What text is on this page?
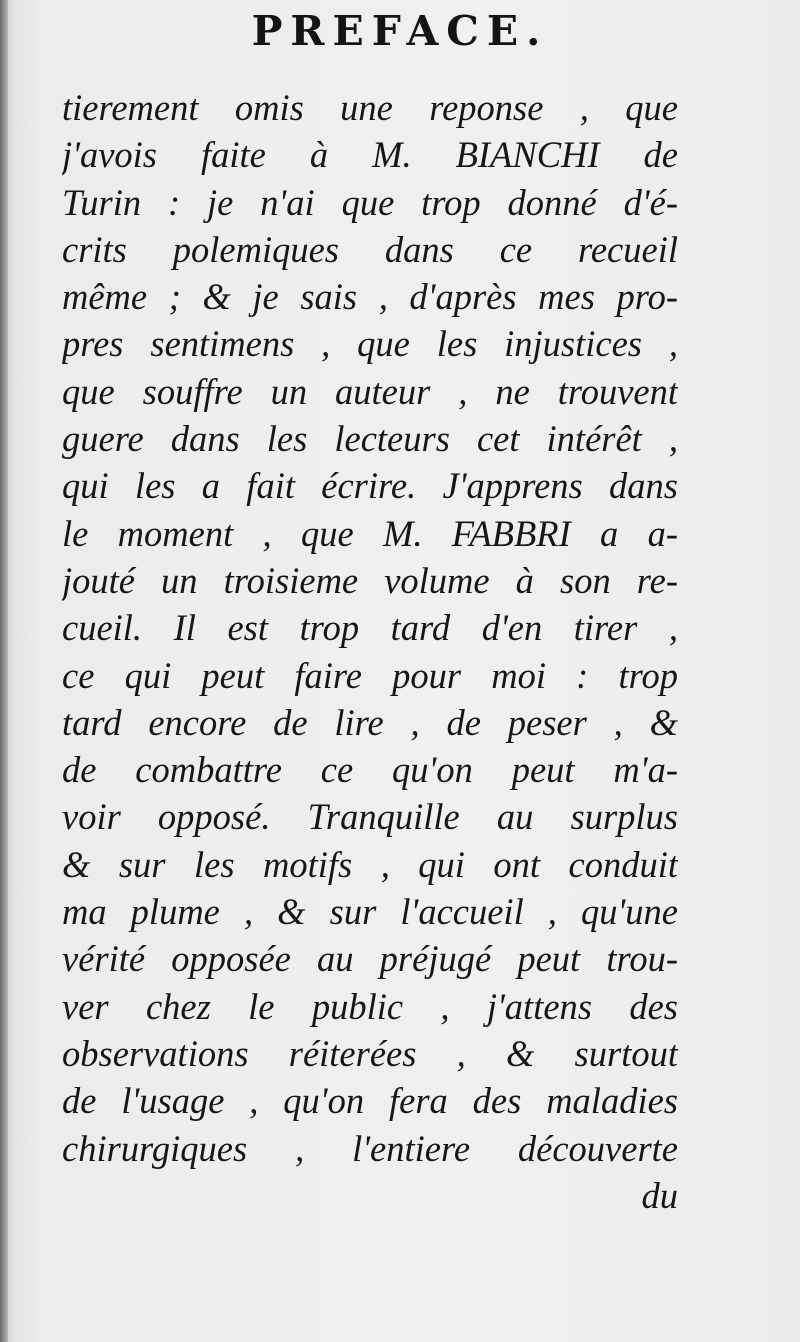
PREFACE.
tierement omis une reponse , que
j'avois faite à M. BIANCHI de
Turin : je n'ai que trop donné d'é-
crits polemiques dans ce recueil
même ; & je sais , d'après mes pro-
pres sentimens , que les injustices ,
que souffre un auteur , ne trouvent
guere dans les lecteurs cet intérêt ,
qui les a fait écrire. J'apprens dans
le moment , que M. FABBRI a a-
jouté un troisieme volume à son re-
cueil. Il est trop tard d'en tirer ,
ce qui peut faire pour moi : trop
tard encore de lire , de peser , &
de combattre ce qu'on peut m'a-
voir opposé. Tranquille au surplus
& sur les motifs , qui ont conduit
ma plume , & sur l'accueil , qu'une
vérité opposée au préjugé peut trou-
ver chez le public , j'attens des
observations réiterées , & surtout
de l'usage , qu'on fera des maladies
chirurgiques , l'entiere découverte
du
